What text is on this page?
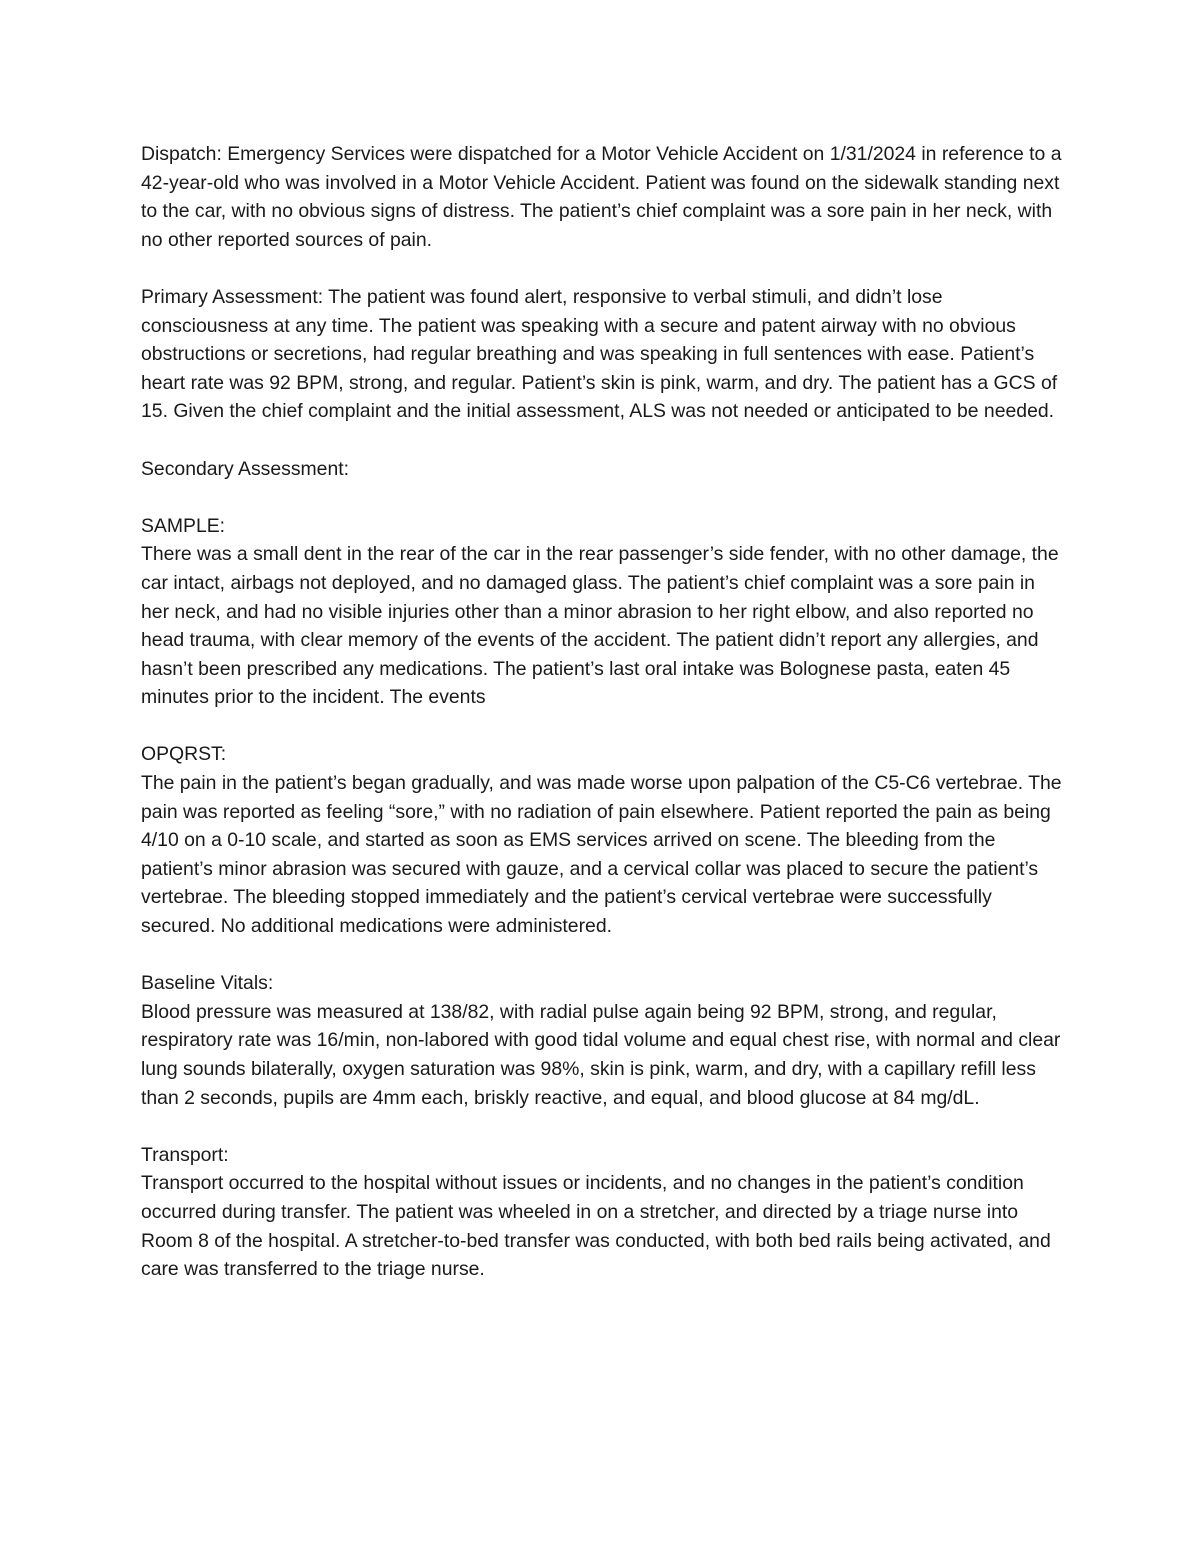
Dispatch: Emergency Services were dispatched for a Motor Vehicle Accident on 1/31/2024 in reference to a 42-year-old who was involved in a Motor Vehicle Accident. Patient was found on the sidewalk standing next to the car, with no obvious signs of distress. The patient’s chief complaint was a sore pain in her neck, with no other reported sources of pain.

Primary Assessment: The patient was found alert, responsive to verbal stimuli, and didn’t lose consciousness at any time. The patient was speaking with a secure and patent airway with no obvious obstructions or secretions, had regular breathing and was speaking in full sentences with ease. Patient’s heart rate was 92 BPM, strong, and regular. Patient’s skin is pink, warm, and dry. The patient has a GCS of 15. Given the chief complaint and the initial assessment, ALS was not needed or anticipated to be needed.

Secondary Assessment:

SAMPLE:
There was a small dent in the rear of the car in the rear passenger’s side fender, with no other damage, the car intact, airbags not deployed, and no damaged glass. The patient’s chief complaint was a sore pain in her neck, and had no visible injuries other than a minor abrasion to her right elbow, and also reported no head trauma, with clear memory of the events of the accident. The patient didn’t report any allergies, and hasn’t been prescribed any medications. The patient’s last oral intake was Bolognese pasta, eaten 45 minutes prior to the incident. The events
OPQRST:
The pain in the patient’s began gradually, and was made worse upon palpation of the C5-C6 vertebrae. The pain was reported as feeling “sore,” with no radiation of pain elsewhere. Patient reported the pain as being 4/10 on a 0-10 scale, and started as soon as EMS services arrived on scene. The bleeding from the patient’s minor abrasion was secured with gauze, and a cervical collar was placed to secure the patient’s vertebrae. The bleeding stopped immediately and the patient’s cervical vertebrae were successfully secured. No additional medications were administered.
Baseline Vitals:
Blood pressure was measured at 138/82, with radial pulse again being 92 BPM, strong, and regular, respiratory rate was 16/min, non-labored with good tidal volume and equal chest rise, with normal and clear lung sounds bilaterally, oxygen saturation was 98%, skin is pink, warm, and dry, with a capillary refill less than 2 seconds, pupils are 4mm each, briskly reactive, and equal, and blood glucose at 84 mg/dL.
Transport:
Transport occurred to the hospital without issues or incidents, and no changes in the patient’s condition occurred during transfer. The patient was wheeled in on a stretcher, and directed by a triage nurse into Room 8 of the hospital. A stretcher-to-bed transfer was conducted, with both bed rails being activated, and care was transferred to the triage nurse.
